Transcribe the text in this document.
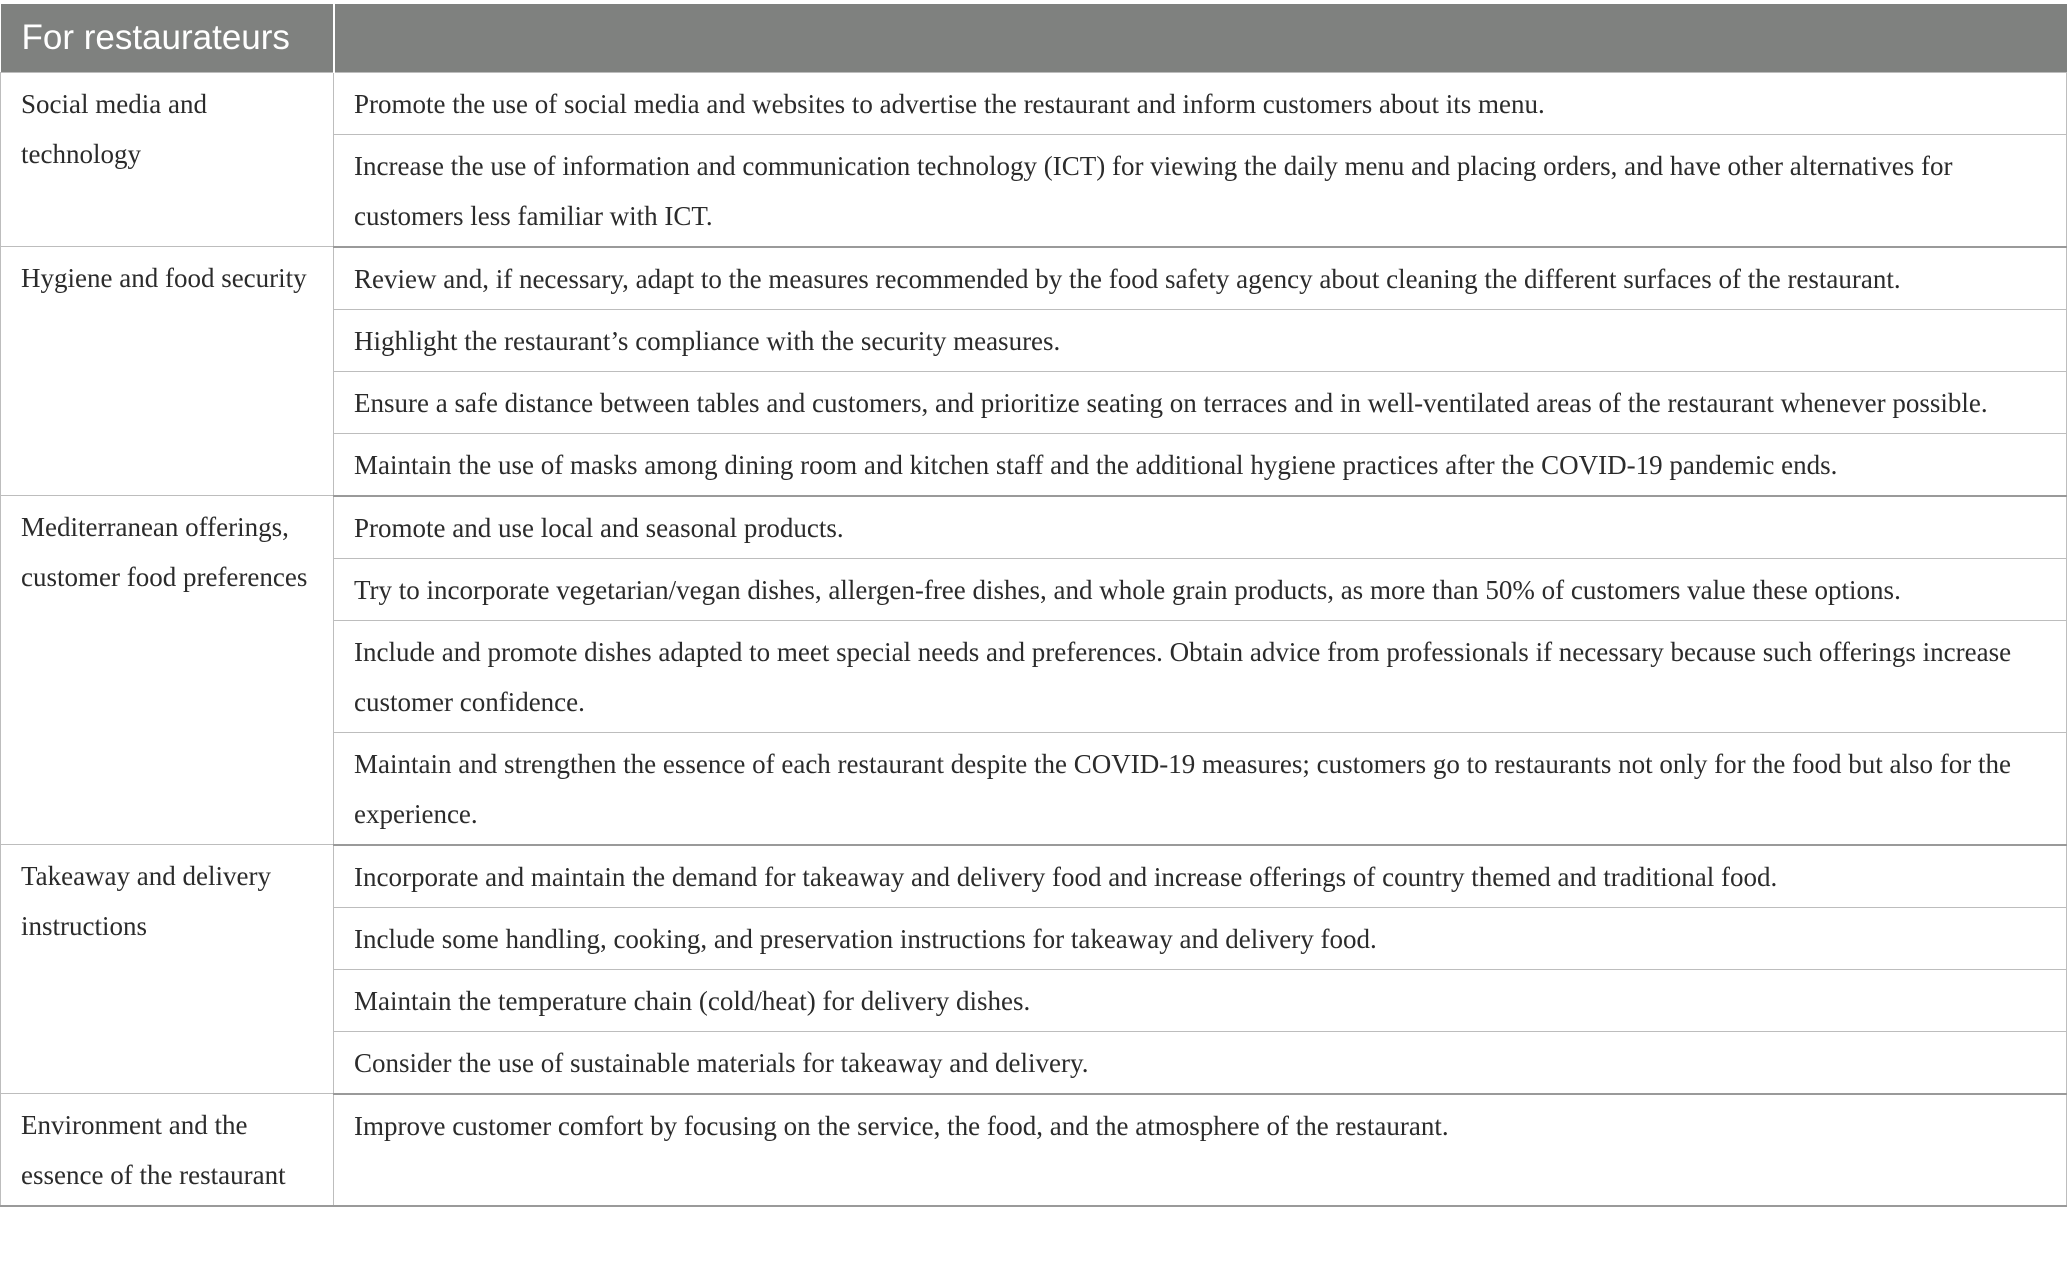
For restaurateurs	
Social media and technology	Promote the use of social media and websites to advertise the restaurant and inform customers about its menu.
	Increase the use of information and communication technology (ICT) for viewing the daily menu and placing orders, and have other alternatives for customers less familiar with ICT.
Hygiene and food security	Review and, if necessary, adapt to the measures recommended by the food safety agency about cleaning the different surfaces of the restaurant.
	Highlight the restaurant’s compliance with the security measures.
	Ensure a safe distance between tables and customers, and prioritize seating on terraces and in well-ventilated areas of the restaurant whenever possible.
	Maintain the use of masks among dining room and kitchen staff and the additional hygiene practices after the COVID-19 pandemic ends.
Mediterranean offerings, customer food preferences	Promote and use local and seasonal products.
	Try to incorporate vegetarian/vegan dishes, allergen-free dishes, and whole grain products, as more than 50% of customers value these options.
	Include and promote dishes adapted to meet special needs and preferences. Obtain advice from professionals if necessary because such offerings increase customer confidence.
	Maintain and strengthen the essence of each restaurant despite the COVID-19 measures; customers go to restaurants not only for the food but also for the experience.
Takeaway and delivery instructions	Incorporate and maintain the demand for takeaway and delivery food and increase offerings of country themed and traditional food.
	Include some handling, cooking, and preservation instructions for takeaway and delivery food.
	Maintain the temperature chain (cold/heat) for delivery dishes.
	Consider the use of sustainable materials for takeaway and delivery.
Environment and the essence of the restaurant	Improve customer comfort by focusing on the service, the food, and the atmosphere of the restaurant.
